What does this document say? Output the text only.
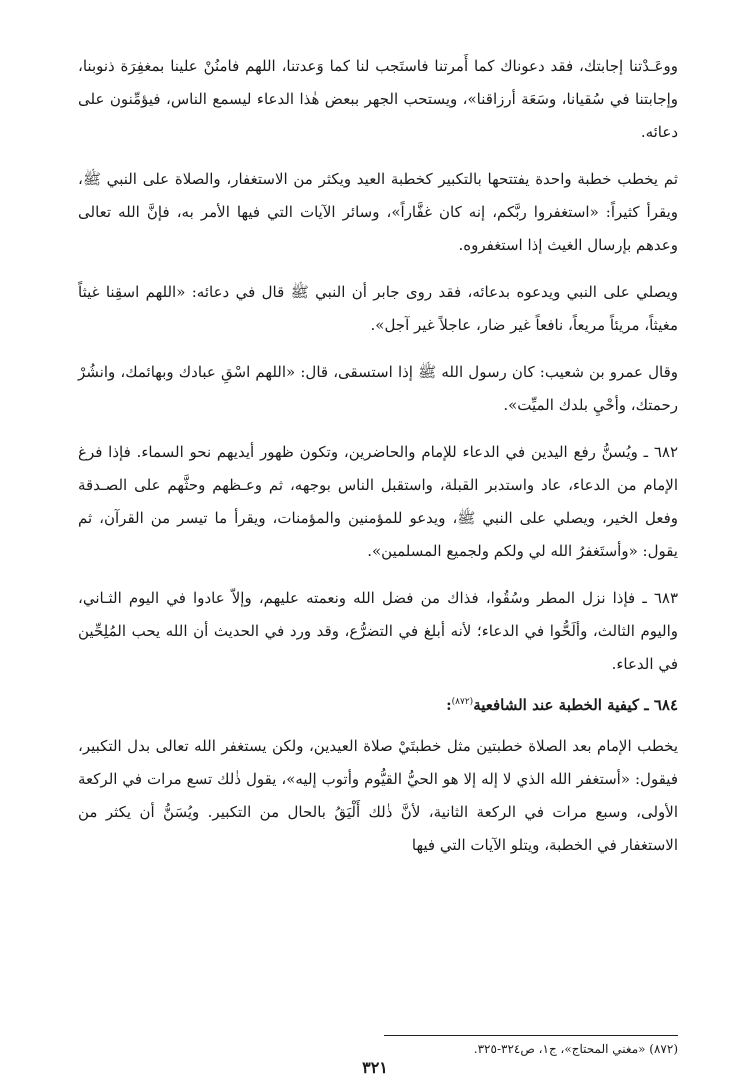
ووعَـدْتنا إجابتك، فقد دعوناك كما أَمرتنا فاستَجب لنا كما وَعدتنا، اللهم فامنُنْ علينا بمغفِرَة ذنوبنا، وإجابتنا في سُقيانا، وسَعَة أرزاقنا»، ويستحب الجهر ببعض هٰذا الدعاء ليسمع الناس، فيؤمِّنون على دعائه.

ثم يخطب خطبة واحدة يفتتحها بالتكبير كخطبة العيد ويكثر من الاستغفار، والصلاة على النبي ﷺ، ويقرأ كثيراً: «استغفروا ربَّكم، إنه كان غفَّاراً»، وسائر الآيات التي فيها الأمر به، فإنَّ الله تعالى وعدهم بإرسال الغيث إذا استغفروه.

ويصلي على النبي ويدعوه بدعائه، فقد روى جابر أن النبي ﷺ قال في دعائه: «اللهم اسقِنا غيثاً مغيثاً، مريئاً مريعاً، نافعاً غير ضار، عاجلاً غير آجل».

وقال عمرو بن شعيب: كان رسول الله ﷺ إذا استسقى، قال: «اللهم اسْقِ عبادك وبهائمك، وانشُرْ رحمتك، وأحْيِ بلدك الميِّت».

٦٨٢ ـ ويُسنُّ رفع اليدين في الدعاء للإمام والحاضرين، وتكون ظهور أيديهم نحو السماء. فإذا فرغ الإمام من الدعاء، عاد واستدبر القبلة، واستقبل الناس بوجهه، ثم وعـظهم وحثَّهم على الصـدقة وفعل الخير، ويصلي على النبي ﷺ، ويدعو للمؤمنين والمؤمنات، ويقرأ ما تيسر من القرآن، ثم يقول: «وأستَغفرُ الله لي ولكم ولجميع المسلمين».

٦٨٣ ـ فإذا نزل المطر وسُقُوا، فذاك من فضل الله ونعمته عليهم، وإلاّ عادوا في اليوم الثـاني، واليوم الثالث، وألَحُّوا في الدعاء؛ لأنه أبلغ في التضرُّع، وقد ورد في الحديث أن الله يحب المُلِحِّين في الدعاء.

٦٨٤ ـ كيفية الخطبة عند الشافعية$^{(٨٧٢)}$:

يخطب الإمام بعد الصلاة خطبتين مثل خطبتَيْ صلاة العيدين، ولكن يستغفر الله تعالى بدل التكبير، فيقول: «أستغفر الله الذي لا إله إلا هو الحيُّ القيُّوم وأتوب إليه»، يقول ذٰلك تسع مرات في الركعة الأولى، وسبع مرات في الركعة الثانية، لأنَّ ذٰلك أَلْيَقُ بالحال من التكبير. ويُسَنُّ أن يكثر من الاستغفار في الخطبة، ويتلو الآيات التي فيها

(٨٧٢) «مغني المحتاج»، ج١، ص٣٢٤-٣٢٥.
٣٢١
